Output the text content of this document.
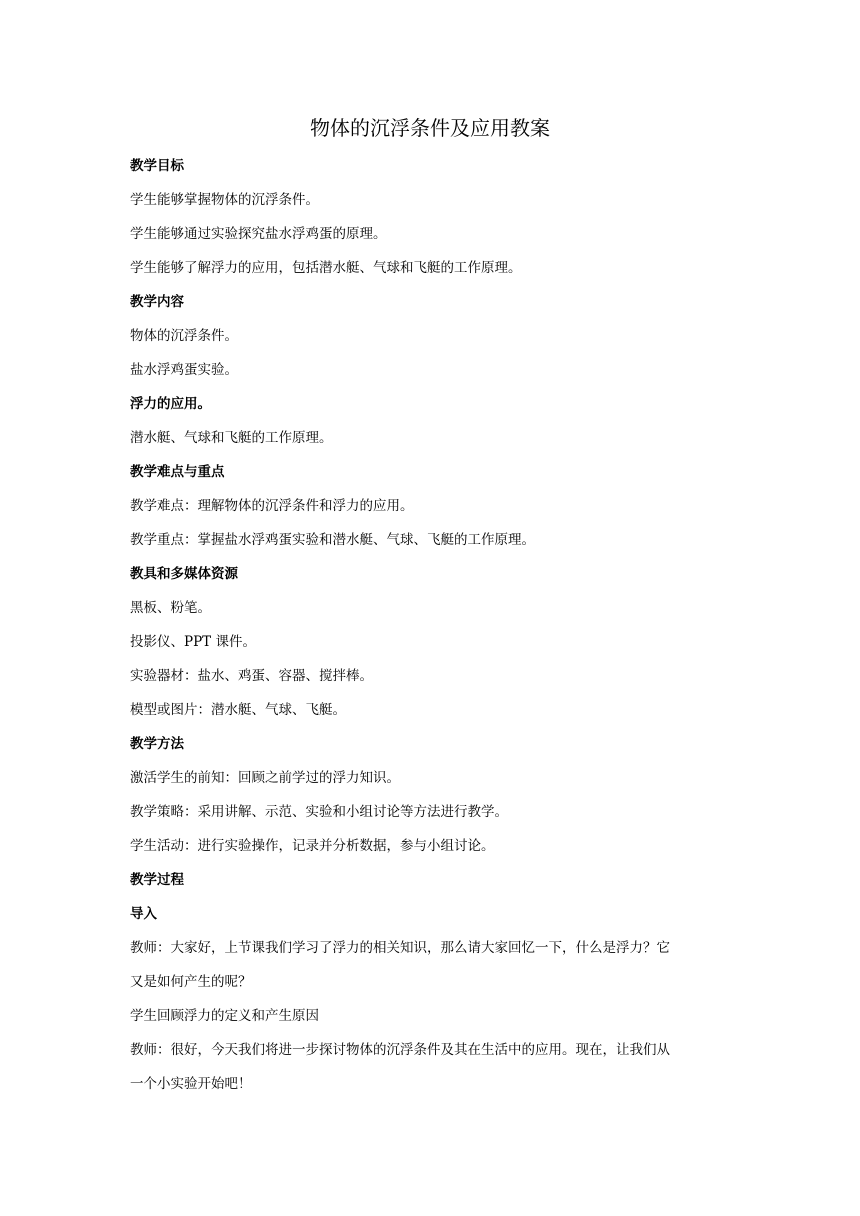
物体的沉浮条件及应用教案
教学目标
学生能够掌握物体的沉浮条件。
学生能够通过实验探究盐水浮鸡蛋的原理。
学生能够了解浮力的应用，包括潜水艇、气球和飞艇的工作原理。
教学内容
物体的沉浮条件。
盐水浮鸡蛋实验。
浮力的应用。
潜水艇、气球和飞艇的工作原理。
教学难点与重点
教学难点：理解物体的沉浮条件和浮力的应用。
教学重点：掌握盐水浮鸡蛋实验和潜水艇、气球、飞艇的工作原理。
教具和多媒体资源
黑板、粉笔。
投影仪、PPT 课件。
实验器材：盐水、鸡蛋、容器、搅拌棒。
模型或图片：潜水艇、气球、飞艇。
教学方法
激活学生的前知：回顾之前学过的浮力知识。
教学策略：采用讲解、示范、实验和小组讨论等方法进行教学。
学生活动：进行实验操作，记录并分析数据，参与小组讨论。
教学过程
导入
教师：大家好，上节课我们学习了浮力的相关知识，那么请大家回忆一下，什么是浮力？它
又是如何产生的呢？
学生回顾浮力的定义和产生原因
教师：很好，今天我们将进一步探讨物体的沉浮条件及其在生活中的应用。现在，让我们从
一个小实验开始吧！
